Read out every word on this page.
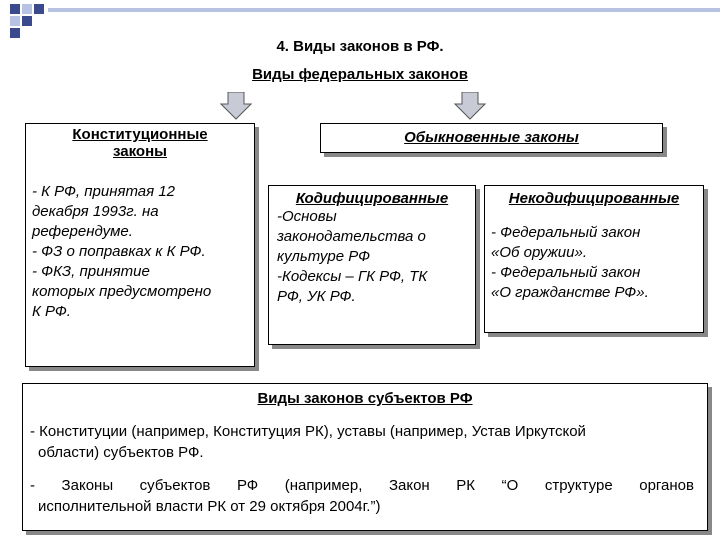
4. Виды законов в РФ.
Виды федеральных законов
Конституционные
законы
- К РФ, принятая 12
декабря 1993г. на
референдуме.
- ФЗ о поправках к К РФ.
- ФКЗ, принятие
которых предусмотрено
К РФ.
Обыкновенные законы
Кодифицированные
-Основы
законодательства о
культуре РФ
-Кодексы – ГК РФ, ТК
РФ, УК РФ.
Некодифицированные
- Федеральный закон
«Об оружии».
- Федеральный закон
«О гражданстве РФ».
Виды законов субъектов РФ
- Конституции (например, Конституция РК), уставы (например, Устав Иркутской
области) субъектов РФ.
- Законы субъектов РФ (например, Закон РК “О структуре органов
исполнительной власти РК от 29 октября 2004г.”)
